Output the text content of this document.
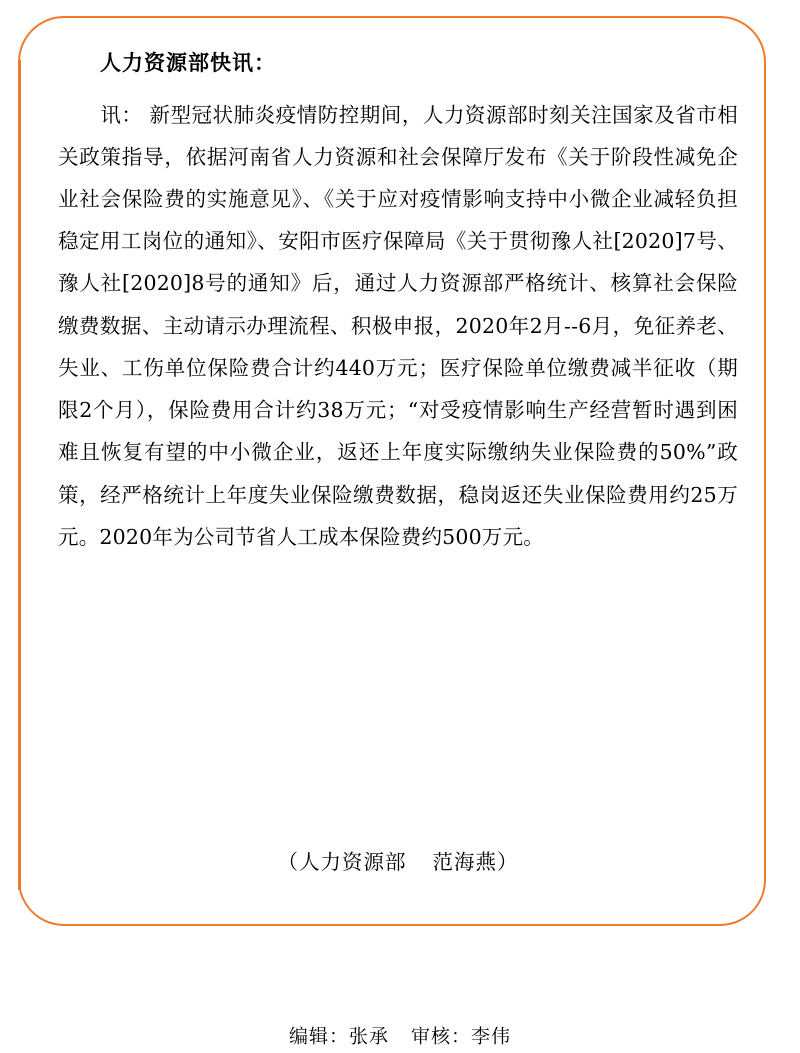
人力资源部快讯：

讯： 新型冠状肺炎疫情防控期间，人力资源部时刻关注国家及省市相关政策指导，依据河南省人力资源和社会保障厅发布《关于阶段性减免企业社会保险费的实施意见》、《关于应对疫情影响支持中小微企业减轻负担稳定用工岗位的通知》、安阳市医疗保障局《关于贯彻豫人社[2020]7号、豫人社[2020]8号的通知》后，通过人力资源部严格统计、核算社会保险缴费数据、主动请示办理流程、积极申报，2020年2月--6月，免征养老、失业、工伤单位保险费合计约440万元；医疗保险单位缴费减半征收（期限2个月），保险费用合计约38万元；“对受疫情影响生产经营暂时遇到困难且恢复有望的中小微企业，返还上年度实际缴纳失业保险费的50%”政策，经严格统计上年度失业保险缴费数据，稳岗返还失业保险费用约25万元。2020年为公司节省人工成本保险费约500万元。

（人力资源部 范海燕）
编辑：张承 审核：李伟
